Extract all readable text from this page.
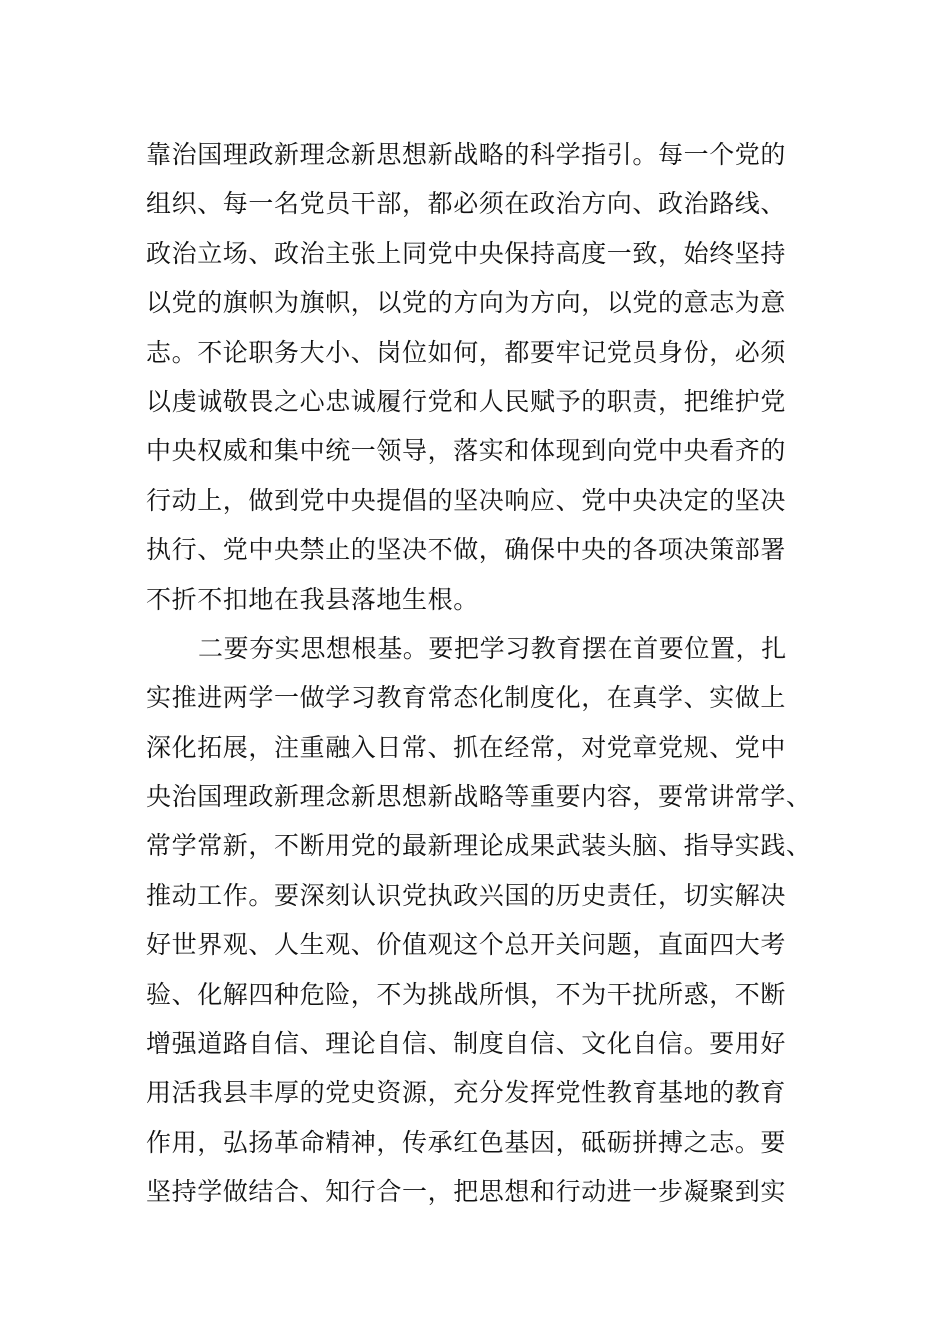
靠治国理政新理念新思想新战略的科学指引。每一个党的
组织、每一名党员干部，都必须在政治方向、政治路线、
政治立场、政治主张上同党中央保持高度一致，始终坚持
以党的旗帜为旗帜，以党的方向为方向，以党的意志为意
志。不论职务大小、岗位如何，都要牢记党员身份，必须
以虔诚敬畏之心忠诚履行党和人民赋予的职责，把维护党
中央权威和集中统一领导，落实和体现到向党中央看齐的
行动上，做到党中央提倡的坚决响应、党中央决定的坚决
执行、党中央禁止的坚决不做，确保中央的各项决策部署
不折不扣地在我县落地生根。
二要夯实思想根基。要把学习教育摆在首要位置，扎
实推进两学一做学习教育常态化制度化，在真学、实做上
深化拓展，注重融入日常、抓在经常，对党章党规、党中
央治国理政新理念新思想新战略等重要内容，要常讲常学、
常学常新，不断用党的最新理论成果武装头脑、指导实践、
推动工作。要深刻认识党执政兴国的历史责任，切实解决
好世界观、人生观、价值观这个总开关问题，直面四大考
验、化解四种危险，不为挑战所惧，不为干扰所惑，不断
增强道路自信、理论自信、制度自信、文化自信。要用好
用活我县丰厚的党史资源，充分发挥党性教育基地的教育
作用，弘扬革命精神，传承红色基因，砥砺拼搏之志。要
坚持学做结合、知行合一，把思想和行动进一步凝聚到实
